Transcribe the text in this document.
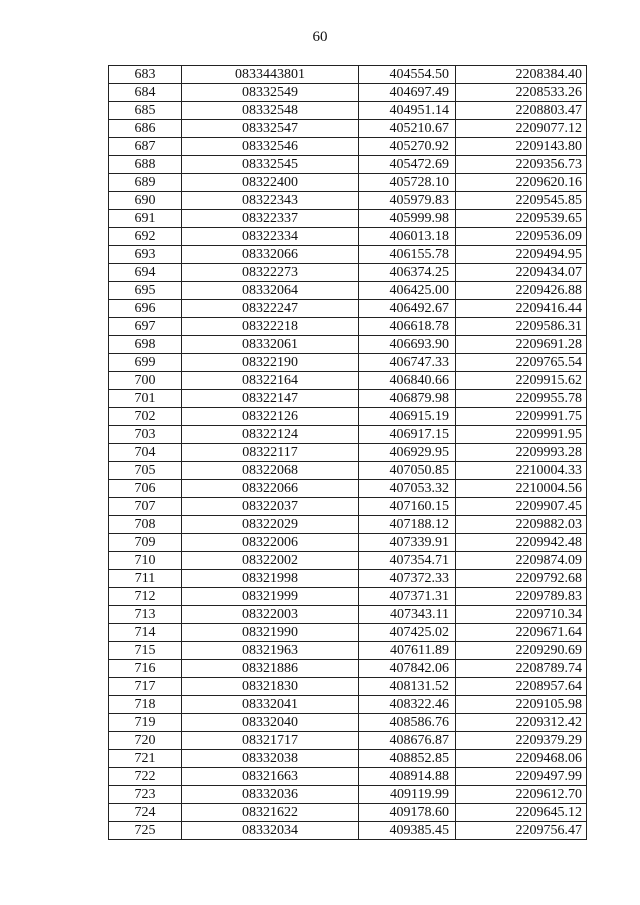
60
683	0833443801	404554.50	2208384.40
684	08332549	404697.49	2208533.26
685	08332548	404951.14	2208803.47
686	08332547	405210.67	2209077.12
687	08332546	405270.92	2209143.80
688	08332545	405472.69	2209356.73
689	08322400	405728.10	2209620.16
690	08322343	405979.83	2209545.85
691	08322337	405999.98	2209539.65
692	08322334	406013.18	2209536.09
693	08332066	406155.78	2209494.95
694	08322273	406374.25	2209434.07
695	08332064	406425.00	2209426.88
696	08322247	406492.67	2209416.44
697	08322218	406618.78	2209586.31
698	08332061	406693.90	2209691.28
699	08322190	406747.33	2209765.54
700	08322164	406840.66	2209915.62
701	08322147	406879.98	2209955.78
702	08322126	406915.19	2209991.75
703	08322124	406917.15	2209991.95
704	08322117	406929.95	2209993.28
705	08322068	407050.85	2210004.33
706	08322066	407053.32	2210004.56
707	08322037	407160.15	2209907.45
708	08322029	407188.12	2209882.03
709	08322006	407339.91	2209942.48
710	08322002	407354.71	2209874.09
711	08321998	407372.33	2209792.68
712	08321999	407371.31	2209789.83
713	08322003	407343.11	2209710.34
714	08321990	407425.02	2209671.64
715	08321963	407611.89	2209290.69
716	08321886	407842.06	2208789.74
717	08321830	408131.52	2208957.64
718	08332041	408322.46	2209105.98
719	08332040	408586.76	2209312.42
720	08321717	408676.87	2209379.29
721	08332038	408852.85	2209468.06
722	08321663	408914.88	2209497.99
723	08332036	409119.99	2209612.70
724	08321622	409178.60	2209645.12
725	08332034	409385.45	2209756.47
